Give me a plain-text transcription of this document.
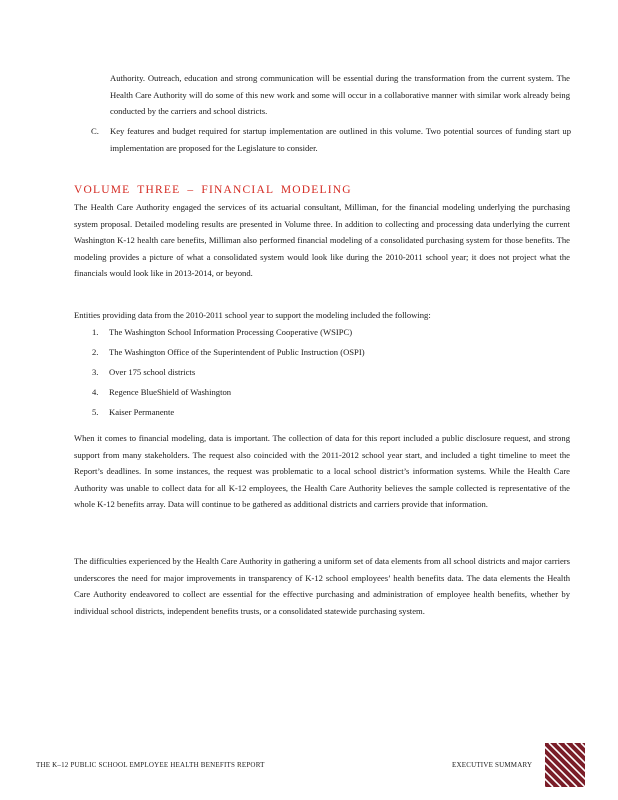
Authority. Outreach, education and strong communication will be essential during the transformation from the current system. The Health Care Authority will do some of this new work and some will occur in a collaborative manner with similar work already being conducted by the carriers and school districts.

C. Key features and budget required for startup implementation are outlined in this volume. Two potential sources of funding start up implementation are proposed for the Legislature to consider.

VOLUME THREE – FINANCIAL MODELING

The Health Care Authority engaged the services of its actuarial consultant, Milliman, for the financial modeling underlying the purchasing system proposal. Detailed modeling results are presented in Volume three. In addition to collecting and processing data underlying the current Washington K-12 health care benefits, Milliman also performed financial modeling of a consolidated purchasing system for those benefits. The modeling provides a picture of what a consolidated system would look like during the 2010-2011 school year; it does not project what the financials would look like in 2013-2014, or beyond.

Entities providing data from the 2010-2011 school year to support the modeling included the following:

1. The Washington School Information Processing Cooperative (WSIPC)
2. The Washington Office of the Superintendent of Public Instruction (OSPI)
3. Over 175 school districts
4. Regence BlueShield of Washington
5. Kaiser Permanente

When it comes to financial modeling, data is important. The collection of data for this report included a public disclosure request, and strong support from many stakeholders. The request also coincided with the 2011-2012 school year start, and included a tight timeline to meet the Report’s deadlines. In some instances, the request was problematic to a local school district’s information systems. While the Health Care Authority was unable to collect data for all K-12 employees, the Health Care Authority believes the sample collected is representative of the whole K-12 benefits array. Data will continue to be gathered as additional districts and carriers provide that information.

The difficulties experienced by the Health Care Authority in gathering a uniform set of data elements from all school districts and major carriers underscores the need for major improvements in transparency of K-12 school employees’ health benefits data. The data elements the Health Care Authority endeavored to collect are essential for the effective purchasing and administration of employee health benefits, whether by individual school districts, independent benefits trusts, or a consolidated statewide purchasing system.

THE K–12 PUBLIC SCHOOL EMPLOYEE HEALTH BENEFITS REPORT	EXECUTIVE SUMMARY
